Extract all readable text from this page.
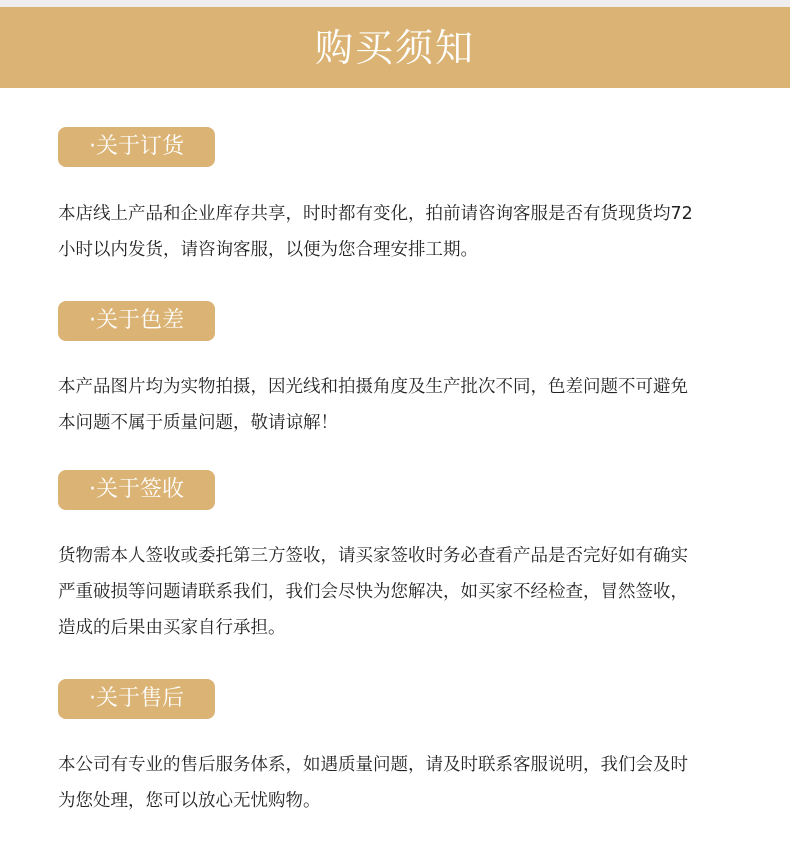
购买须知
·关于订货
本店线上产品和企业库存共享，时时都有变化，拍前请咨询客服是否有货现货均72
小时以内发货，请咨询客服，以便为您合理安排工期。
·关于色差
本产品图片均为实物拍摄，因光线和拍摄角度及生产批次不同，色差问题不可避免
本问题不属于质量问题，敬请谅解！
·关于签收
货物需本人签收或委托第三方签收，请买家签收时务必查看产品是否完好如有确实
严重破损等问题请联系我们，我们会尽快为您解决，如买家不经检查，冒然签收，
造成的后果由买家自行承担。
·关于售后
本公司有专业的售后服务体系，如遇质量问题，请及时联系客服说明，我们会及时
为您处理，您可以放心无忧购物。
